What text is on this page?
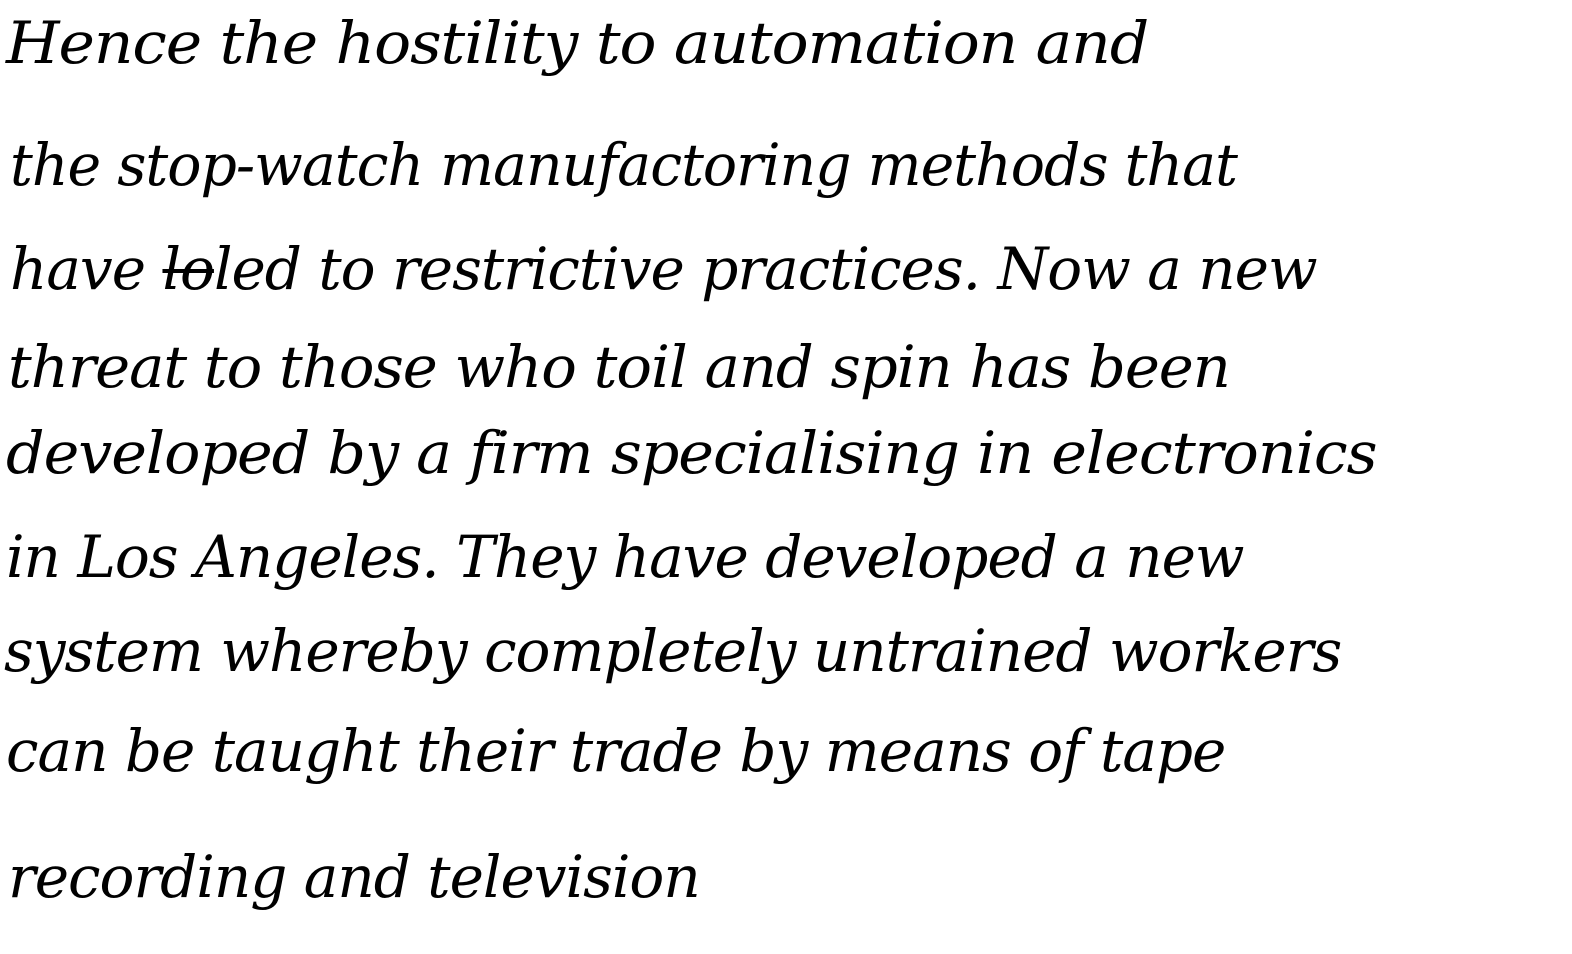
Hence the hostility to automation and
the stop-watch manufactoring methods that
have loled to restrictive practices. Now a new
threat to those who toil and spin has been
developed by a firm specialising in electronics
in Los Angeles. They have developed a new
system whereby completely untrained workers
can be taught their trade by means of tape
recording and television
